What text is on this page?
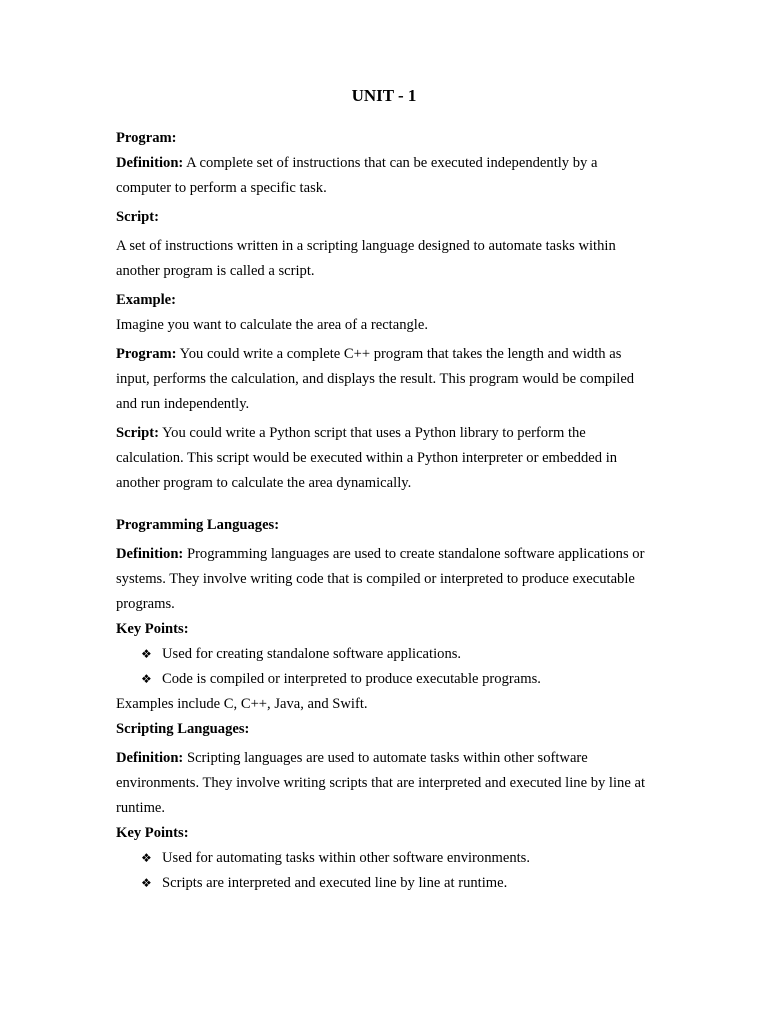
UNIT - 1

Program:

Definition: A complete set of instructions that can be executed independently by a computer to perform a specific task.

Script:

A set of instructions written in a scripting language designed to automate tasks within another program is called a script.

Example:

Imagine you want to calculate the area of a rectangle.

Program: You could write a complete C++ program that takes the length and width as input, performs the calculation, and displays the result. This program would be compiled and run independently.

Script: You could write a Python script that uses a Python library to perform the calculation. This script would be executed within a Python interpreter or embedded in another program to calculate the area dynamically.

Programming Languages:

Definition: Programming languages are used to create standalone software applications or systems. They involve writing code that is compiled or interpreted to produce executable programs.

Key Points:

❖ Used for creating standalone software applications.
❖ Code is compiled or interpreted to produce executable programs.

Examples include C, C++, Java, and Swift.

Scripting Languages:

Definition: Scripting languages are used to automate tasks within other software environments. They involve writing scripts that are interpreted and executed line by line at runtime.

Key Points:

❖ Used for automating tasks within other software environments.
❖ Scripts are interpreted and executed line by line at runtime.
